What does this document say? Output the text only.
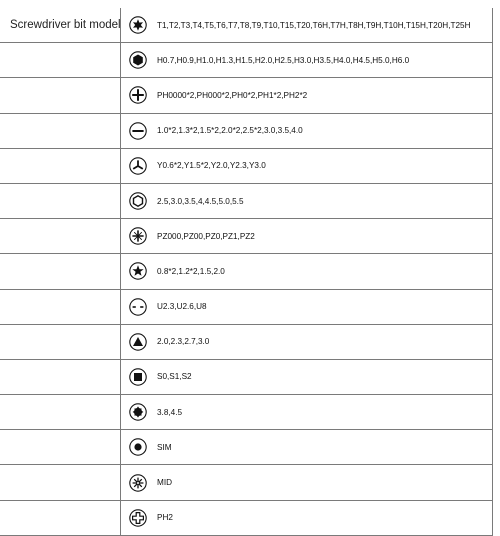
Screwdriver bit model	T1,T2,T3,T4,T5,T6,T7,T8,T9,T10,T15,T20,T6H,T7H,T8H,T9H,T10H,T15H,T20H,T25H

	H0.7,H0.9,H1.0,H1.3,H1.5,H2.0,H2.5,H3.0,H3.5,H4.0,H4.5,H5.0,H6.0

	PH0000*2,PH000*2,PH0*2,PH1*2,PH2*2

	1.0*2,1.3*2,1.5*2,2.0*2,2.5*2,3.0,3.5,4.0

	Y0.6*2,Y1.5*2,Y2.0,Y2.3,Y3.0

	2.5,3.0,3.5,4,4.5,5.0,5.5

	PZ000,PZ00,PZ0,PZ1,PZ2

	0.8*2,1.2*2,1.5,2.0

	U2.3,U2.6,U8

	2.0,2.3,2.7,3.0

	S0,S1,S2

	3.8,4.5

	SIM

	MID

	PH2
